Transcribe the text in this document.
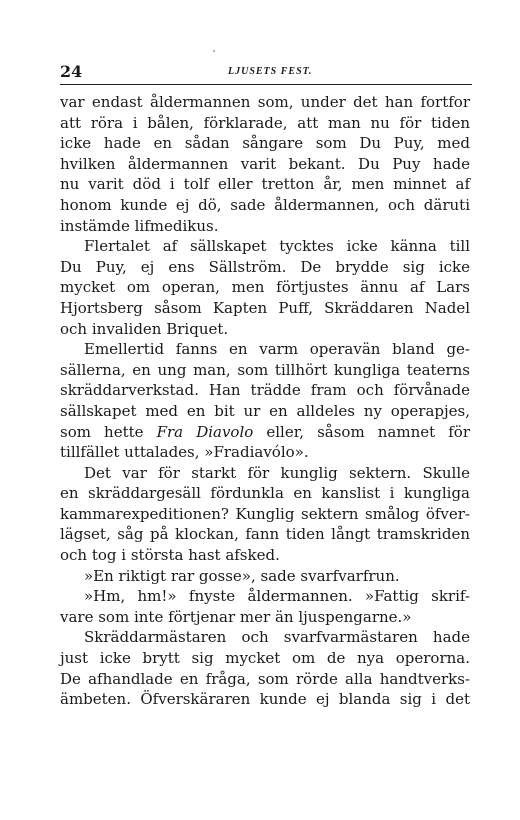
24	LJUSETS FEST.
var endast åldermannen som, under det han fortfor
att röra i bålen, förklarade, att man nu för tiden
icke hade en sådan sångare som Du Puy, med
hvilken åldermannen varit bekant. Du Puy hade
nu varit död i tolf eller tretton år, men minnet af
honom kunde ej dö, sade åldermannen, och däruti
instämde lifmedikus.
Flertalet af sällskapet tycktes icke känna till
Du Puy, ej ens Sällström. De brydde sig icke
mycket om operan, men förtjustes ännu af Lars
Hjortsberg såsom Kapten Puff, Skräddaren Nadel
och invaliden Briquet.
Emellertid fanns en varm operavän bland ge-
sällerna, en ung man, som tillhört kungliga teaterns
skräddarverkstad. Han trädde fram och förvånade
sällskapet med en bit ur en alldeles ny operapjes,
som hette Fra Diavolo eller, såsom namnet för
tillfället uttalades, »Fradiavólo».
Det var för starkt för kunglig sektern. Skulle
en skräddargesäll fördunkla en kanslist i kungliga
kammarexpeditionen? Kunglig sektern smålog öfver-
lägset, såg på klockan, fann tiden långt tramskriden
och tog i största hast afsked.
»En riktigt rar gosse», sade svarfvarfrun.
»Hm, hm!» fnyste åldermannen. »Fattig skrif-
vare som inte förtjenar mer än ljuspengarne.»
Skräddarmästaren och svarfvarmästaren hade
just icke brytt sig mycket om de nya operorna.
De afhandlade en fråga, som rörde alla handtverks-
ämbeten. Öfverskäraren kunde ej blanda sig i det
